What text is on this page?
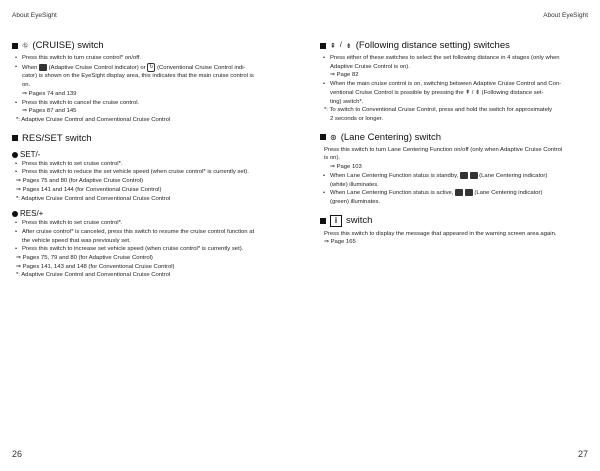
About EyeSight	About EyeSight
⛗ (CRUISE) switch
• Press this switch to turn cruise control* on/off.
• When (Adaptive Cruise Control indicator) or ↻ (Conventional Cruise Control indi-
cator) is shown on the EyeSight display area, this indicates that the main cruise control is
on.
⇒ Pages 74 and 139
• Press this switch to cancel the cruise control.
⇒ Pages 87 and 145
*: Adaptive Cruise Control and Conventional Cruise Control
RES/SET switch
SET/-
• Press this switch to set cruise control*.
• Press this switch to reduce the set vehicle speed (when cruise control* is currently set).
⇒ Pages 75 and 80 (for Adaptive Cruise Control)
⇒ Pages 141 and 144 (for Conventional Cruise Control)
*: Adaptive Cruise Control and Conventional Cruise Control
RES/+
• Press this switch to set cruise control*.
• After cruise control* is canceled, press this switch to resume the cruise control function at
the vehicle speed that was previously set.
• Press this switch to increase set vehicle speed (when cruise control* is currently set).
⇒ Pages 75, 79 and 80 (for Adaptive Cruise Control)
⇒ Pages 141, 143 and 148 (for Conventional Cruise Control)
*: Adaptive Cruise Control and Conventional Cruise Control
⇞ / ⇟ (Following distance setting) switches
• Press either of these switches to select the set following distance in 4 stages (only when
Adaptive Cruise Control is on).
⇒ Page 82
• When the main cruise control is on, switching between Adaptive Cruise Control and Con-
ventional Cruise Control is possible by pressing the ⇞ / ⇟ (Following distance set-
ting) switch*.
*: To switch to Conventional Cruise Control, press and hold the switch for approximately
2 seconds or longer.
⊛ (Lane Centering) switch

Press this switch to turn Lane Centering Function on/off (only when Adaptive Cruise Control

is on).

⇒ Page 103
• When Lane Centering Function status is standby,	(Lane Centering indicator)
(white) illuminates.
• When Lane Centering Function status is active,	(Lane Centering indicator)
(green) illuminates.
i switch

Press this switch to display the message that appeared in the warning screen area again.

⇒ Page 165

26	27
